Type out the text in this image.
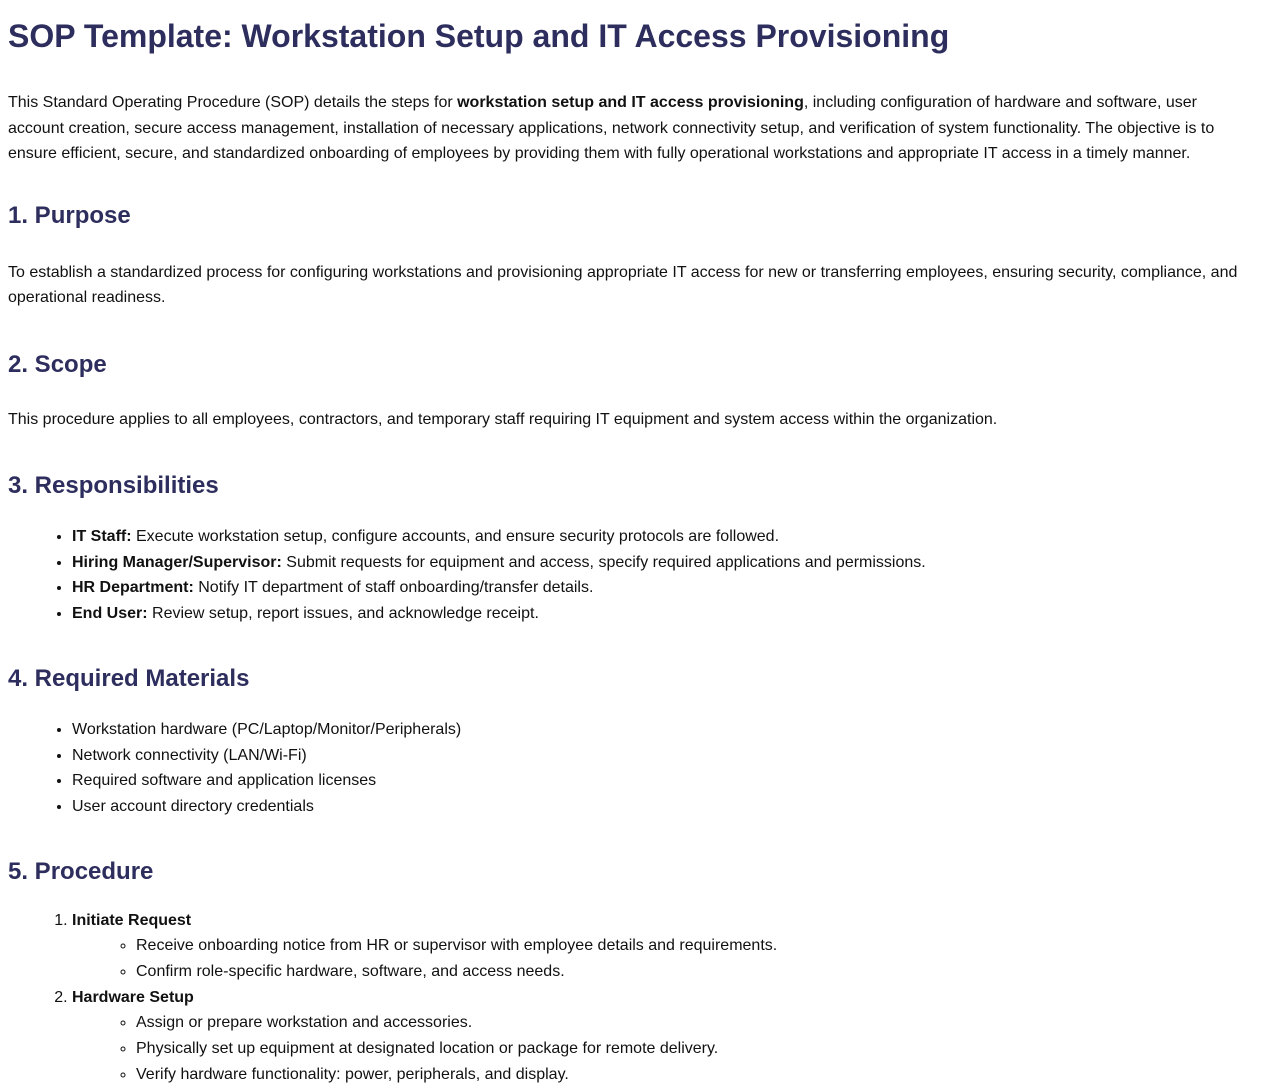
SOP Template: Workstation Setup and IT Access Provisioning

This Standard Operating Procedure (SOP) details the steps for workstation setup and IT access provisioning, including configuration of hardware and software, user account creation, secure access management, installation of necessary applications, network connectivity setup, and verification of system functionality. The objective is to ensure efficient, secure, and standardized onboarding of employees by providing them with fully operational workstations and appropriate IT access in a timely manner.

1. Purpose

To establish a standardized process for configuring workstations and provisioning appropriate IT access for new or transferring employees, ensuring security, compliance, and operational readiness.

2. Scope

This procedure applies to all employees, contractors, and temporary staff requiring IT equipment and system access within the organization.

3. Responsibilities
• IT Staff: Execute workstation setup, configure accounts, and ensure security protocols are followed.
• Hiring Manager/Supervisor: Submit requests for equipment and access, specify required applications and permissions.
• HR Department: Notify IT department of staff onboarding/transfer details.
• End User: Review setup, report issues, and acknowledge receipt.
4. Required Materials
• Workstation hardware (PC/Laptop/Monitor/Peripherals)
• Network connectivity (LAN/Wi-Fi)
• Required software and application licenses
• User account directory credentials
5. Procedure
1. Initiate Request
◦ Receive onboarding notice from HR or supervisor with employee details and requirements.
◦ Confirm role-specific hardware, software, and access needs.
2. Hardware Setup
◦ Assign or prepare workstation and accessories.
◦ Physically set up equipment at designated location or package for remote delivery.
◦ Verify hardware functionality: power, peripherals, and display.
